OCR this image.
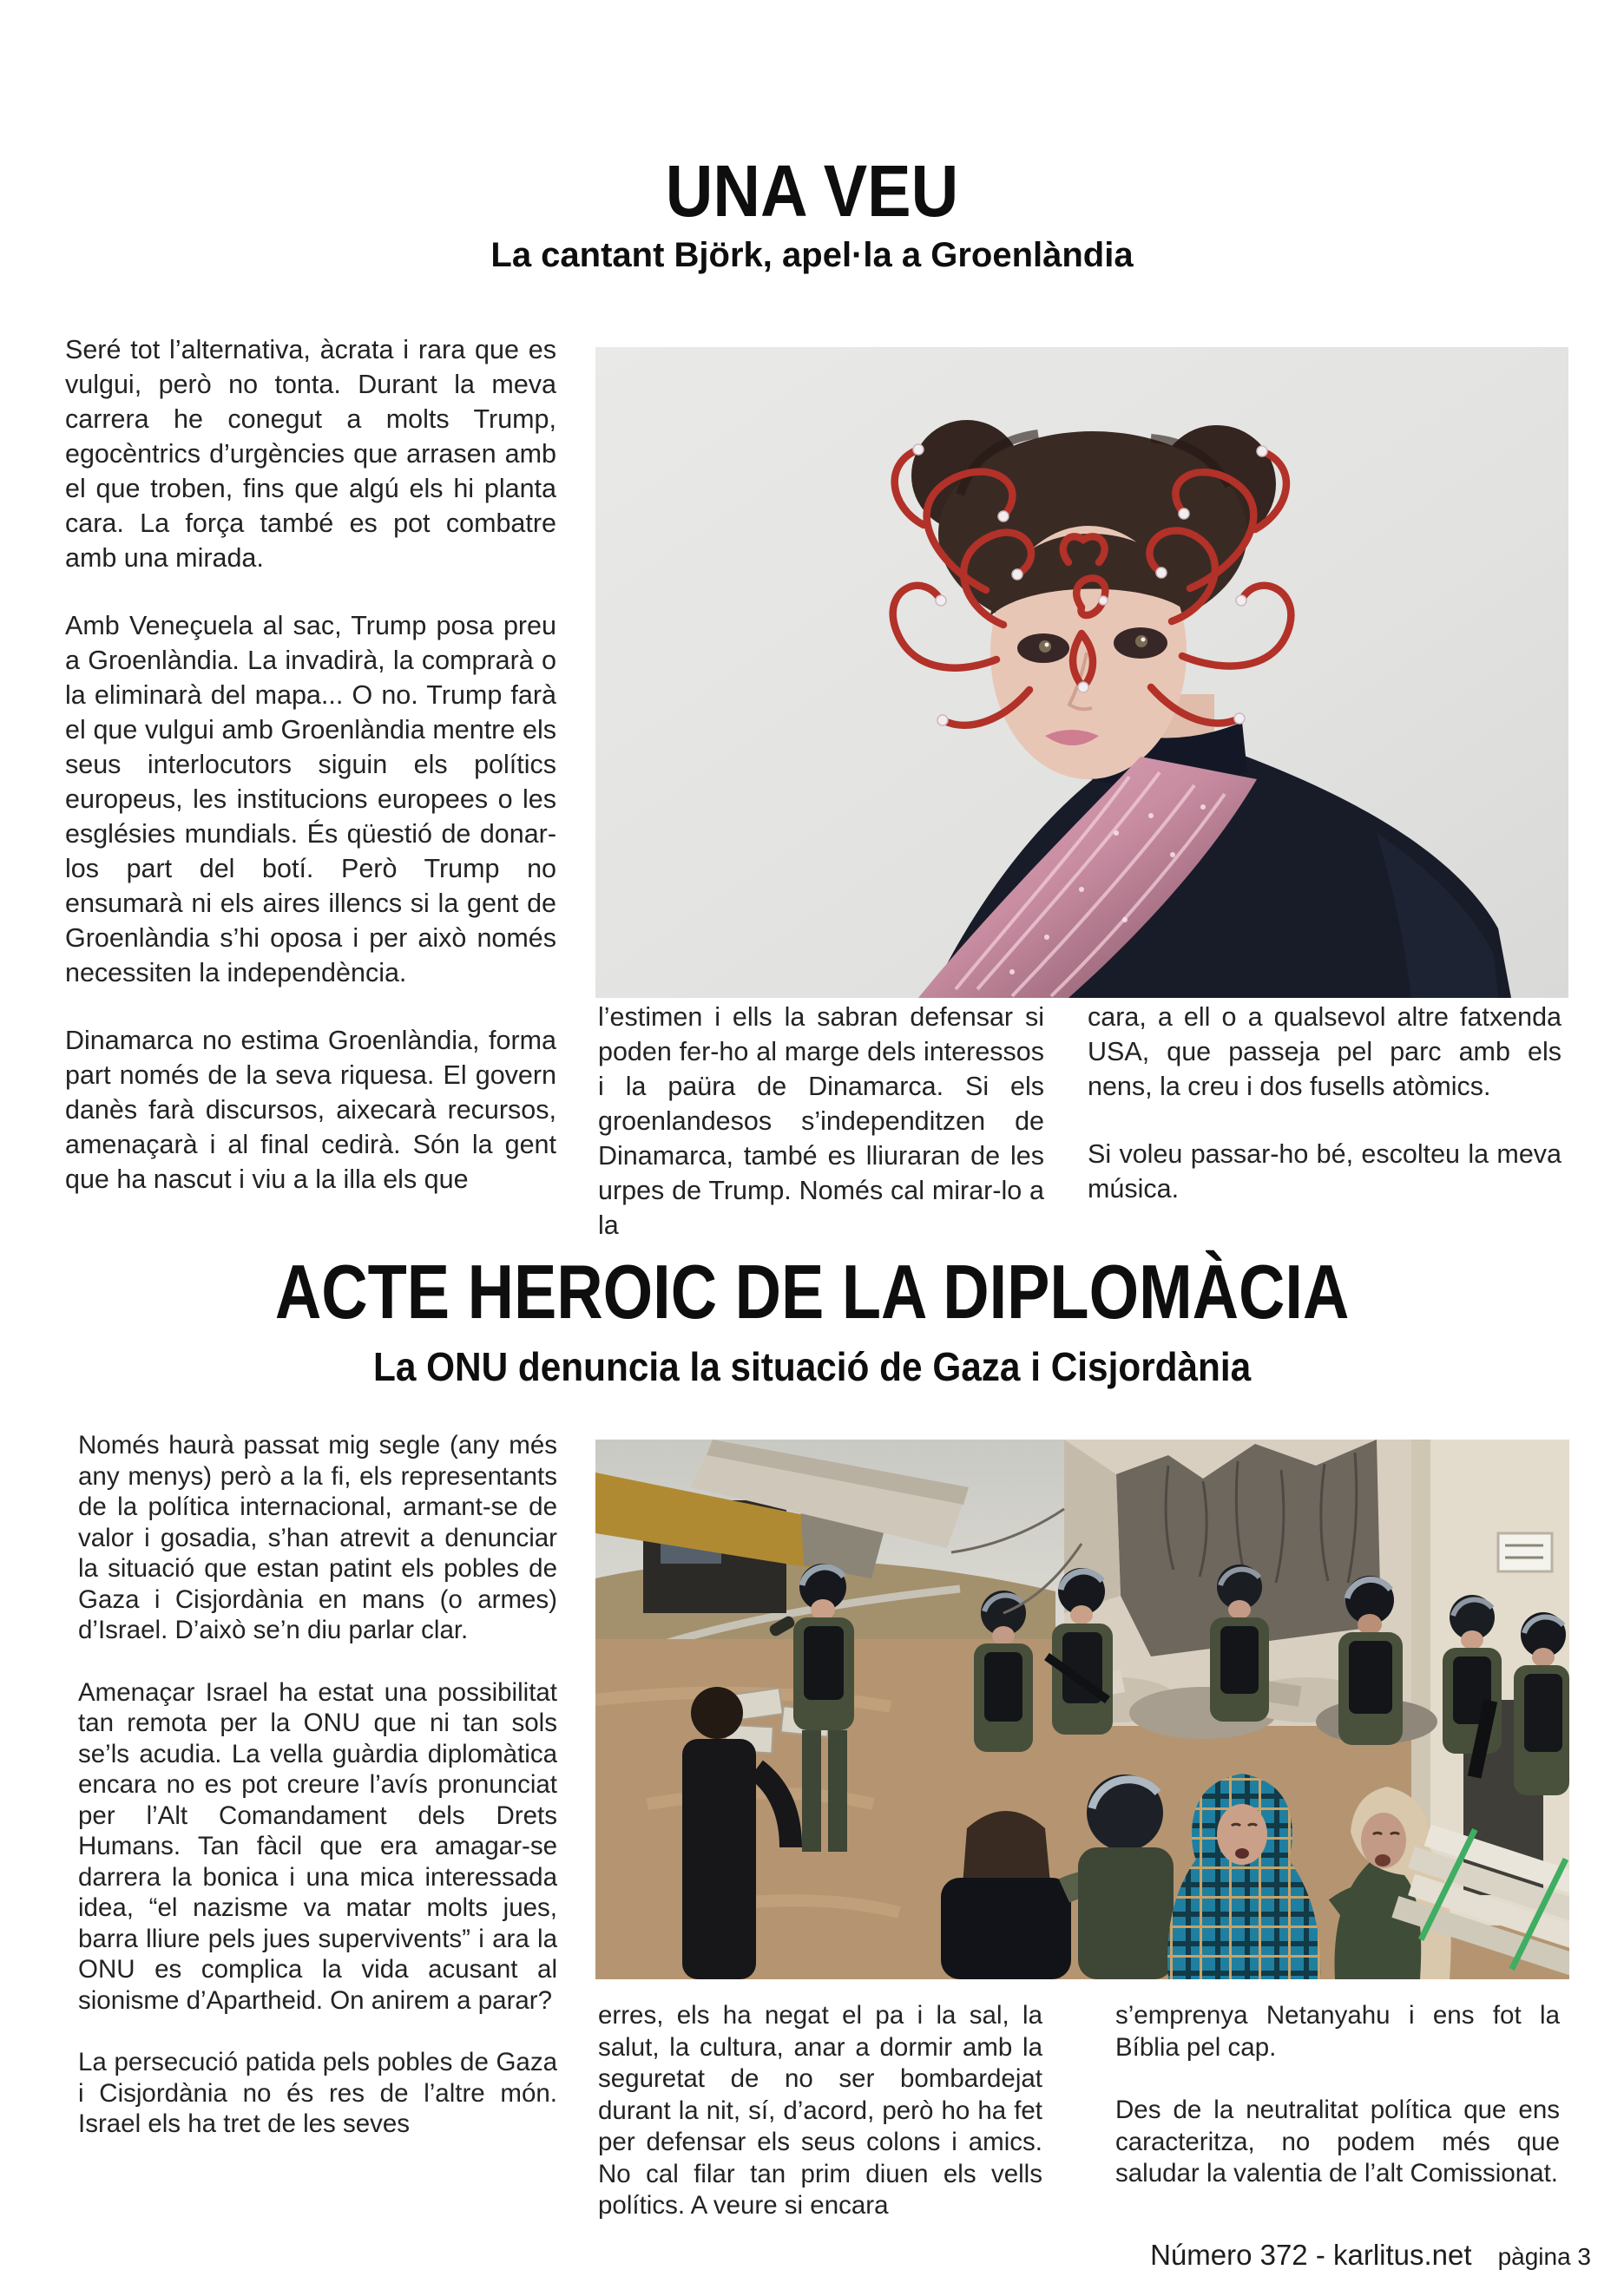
UNA VEU
La cantant Björk, apel·la a Groenlàndia

Seré tot l’alternativa, àcrata i rara que es vulgui, però no tonta. Durant la meva carrera he conegut a molts Trump, egocèntrics d’urgències que arrasen amb el que troben, fins que algú els hi planta cara. La força també es pot combatre amb una mirada.

Amb Veneçuela al sac, Trump posa preu a Groenlàndia. La invadirà, la comprarà o la eliminarà del mapa... O no. Trump farà el que vulgui amb Groenlàndia mentre els seus interlocutors siguin els polítics europeus, les institucions europees o les esglésies mundials. És qüestió de donar-los part del botí. Però Trump no ensumarà ni els aires illencs si la gent de Groenlàndia s’hi oposa i per això només necessiten la independència.

Dinamarca no estima Groenlàndia, forma part només de la seva riquesa. El govern danès farà discursos, aixecarà recursos, amenaçarà i al final cedirà. Són la gent que ha nascut i viu a la illa els que

l’estimen i ells la sabran defensar si poden fer-ho al marge dels interessos i la paüra de Dinamarca. Si els groenlandesos s’independitzen de Dinamarca, també es lliuraran de les urpes de Trump. Només cal mirar-lo a la

cara, a ell o a qualsevol altre fatxenda USA, que passeja pel parc amb els nens, la creu i dos fusells atòmics.

Si voleu passar-ho bé, escolteu la meva música.

ACTE HEROIC DE LA DIPLOMÀCIA
La ONU denuncia la situació de Gaza i Cisjordània

Només haurà passat mig segle (any més any menys) però a la fi, els representants de la política internacional, armant-se de valor i gosadia, s’han atrevit a denunciar la situació que estan patint els pobles de Gaza i Cisjordània en mans (o armes) d’Israel. D’això se’n diu parlar clar.

Amenaçar Israel ha estat una possibilitat tan remota per la ONU que ni tan sols se’ls acudia. La vella guàrdia diplomàtica encara no es pot creure l’avís pronunciat per l’Alt Comandament dels Drets Humans. Tan fàcil que era amagar-se darrera la bonica i una mica interessada idea, “el nazisme va matar molts jues, barra lliure pels jues supervivents” i ara la ONU es complica la vida acusant al sionisme d’Apartheid. On anirem a parar?

La persecució patida pels pobles de Gaza i Cisjordània no és res de l’altre món. Israel els ha tret de les seves

erres, els ha negat el pa i la sal, la salut, la cultura, anar a dormir amb la seguretat de no ser bombardejat durant la nit, sí, d’acord, però ho ha fet per defensar els seus colons i amics. No cal filar tan prim diuen els vells polítics. A veure si encara

s’emprenya Netanyahu i ens fot la Bíblia pel cap.

Des de la neutralitat política que ens caracteritza, no podem més que saludar la valentia de l’alt Comissionat.

Número 372 - karlitus.net pàgina 3
